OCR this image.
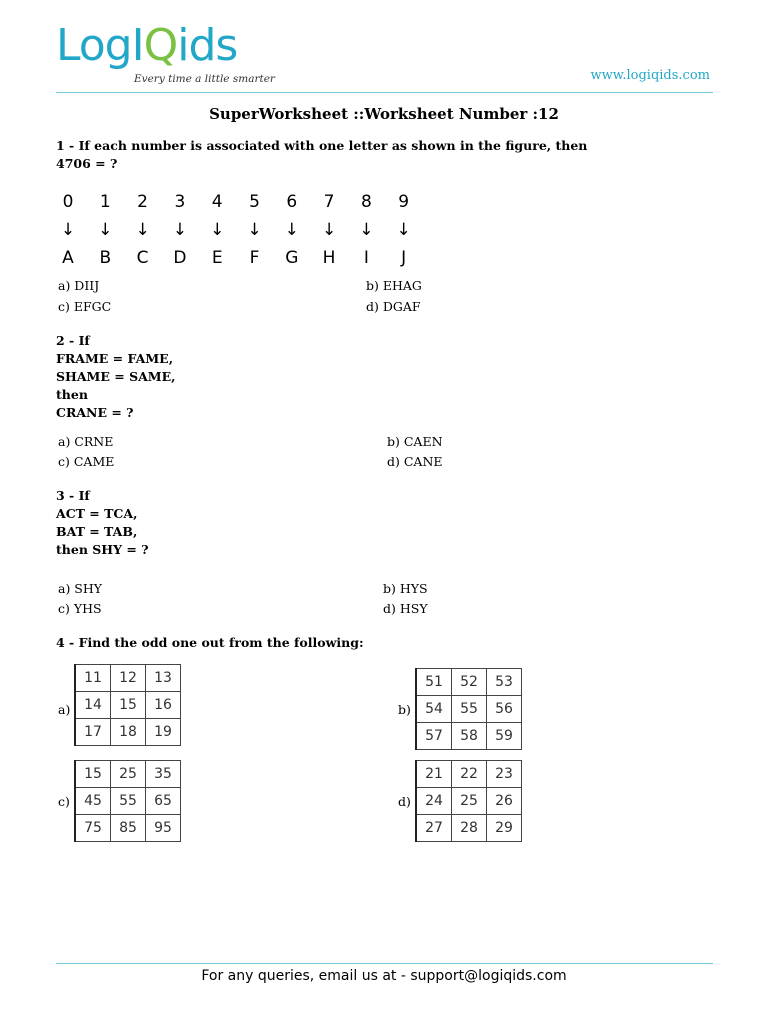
LogIQids
Every time a little smarter	www.logiqids.com
SuperWorksheet ::Worksheet Number :12
1 - If each number is associated with one letter as shown in the figure, then 4706 = ?
0	1	2	3	4	5	6	7	8	9
↓	↓	↓	↓	↓	↓	↓	↓	↓	↓
A	B	C	D	E	F	G	H	I	J
a) DIIJ	b) EHAG
c) EFGC	d) DGAF
2 - If
FRAME = FAME,
SHAME = SAME,
then
CRANE = ?
a) CRNE	b) CAEN
c) CAME	d) CANE
3 - If
ACT = TCA,
BAT = TAB,
then SHY = ?
a) SHY	b) HYS
c) YHS	d) HSY
4 - Find the odd one out from the following:
a)
11	12	13
14	15	16
17	18	19
b)
51	52	53
54	55	56
57	58	59
c)
15	25	35
45	55	65
75	85	95
d)
21	22	23
24	25	26
27	28	29
For any queries, email us at - support@logiqids.com
